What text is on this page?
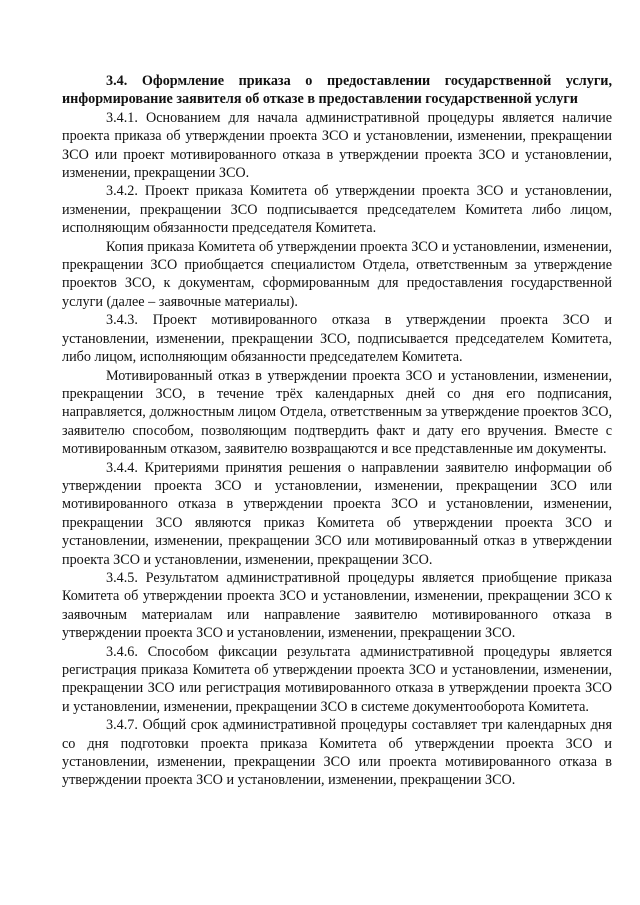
3.4. Оформление приказа о предоставлении государственной услуги, информирование заявителя об отказе в предоставлении государственной услуги

3.4.1. Основанием для начала административной процедуры является наличие проекта приказа об утверждении проекта ЗСО и установлении, изменении, прекращении ЗСО или проект мотивированного отказа в утверждении проекта ЗСО и установлении, изменении, прекращении ЗСО.

3.4.2. Проект приказа Комитета об утверждении проекта ЗСО и установлении, изменении, прекращении ЗСО подписывается председателем Комитета либо лицом, исполняющим обязанности председателя Комитета.

Копия приказа Комитета об утверждении проекта ЗСО и установлении, изменении, прекращении ЗСО приобщается специалистом Отдела, ответственным за утверждение проектов ЗСО, к документам, сформированным для предоставления государственной услуги (далее – заявочные материалы).

3.4.3. Проект мотивированного отказа в утверждении проекта ЗСО и установлении, изменении, прекращении ЗСО, подписывается председателем Комитета, либо лицом, исполняющим обязанности председателем Комитета.

Мотивированный отказ в утверждении проекта ЗСО и установлении, изменении, прекращении ЗСО, в течение трёх календарных дней со дня его подписания, направляется, должностным лицом Отдела, ответственным за утверждение проектов ЗСО, заявителю способом, позволяющим подтвердить факт и дату его вручения. Вместе с мотивированным отказом, заявителю возвращаются и все представленные им документы.

3.4.4. Критериями принятия решения о направлении заявителю информации об утверждении проекта ЗСО и установлении, изменении, прекращении ЗСО или мотивированного отказа в утверждении проекта ЗСО и установлении, изменении, прекращении ЗСО являются приказ Комитета об утверждении проекта ЗСО и установлении, изменении, прекращении ЗСО или мотивированный отказ в утверждении проекта ЗСО и установлении, изменении, прекращении ЗСО.

3.4.5. Результатом административной процедуры является приобщение приказа Комитета об утверждении проекта ЗСО и установлении, изменении, прекращении ЗСО к заявочным материалам или направление заявителю мотивированного отказа в утверждении проекта ЗСО и установлении, изменении, прекращении ЗСО.

3.4.6. Способом фиксации результата административной процедуры является регистрация приказа Комитета об утверждении проекта ЗСО и установлении, изменении, прекращении ЗСО или регистрация мотивированного отказа в утверждении проекта ЗСО и установлении, изменении, прекращении ЗСО в системе документооборота Комитета.

3.4.7. Общий срок административной процедуры составляет три календарных дня со дня подготовки проекта приказа Комитета об утверждении проекта ЗСО и установлении, изменении, прекращении ЗСО или проекта мотивированного отказа в утверждении проекта ЗСО и установлении, изменении, прекращении ЗСО.
